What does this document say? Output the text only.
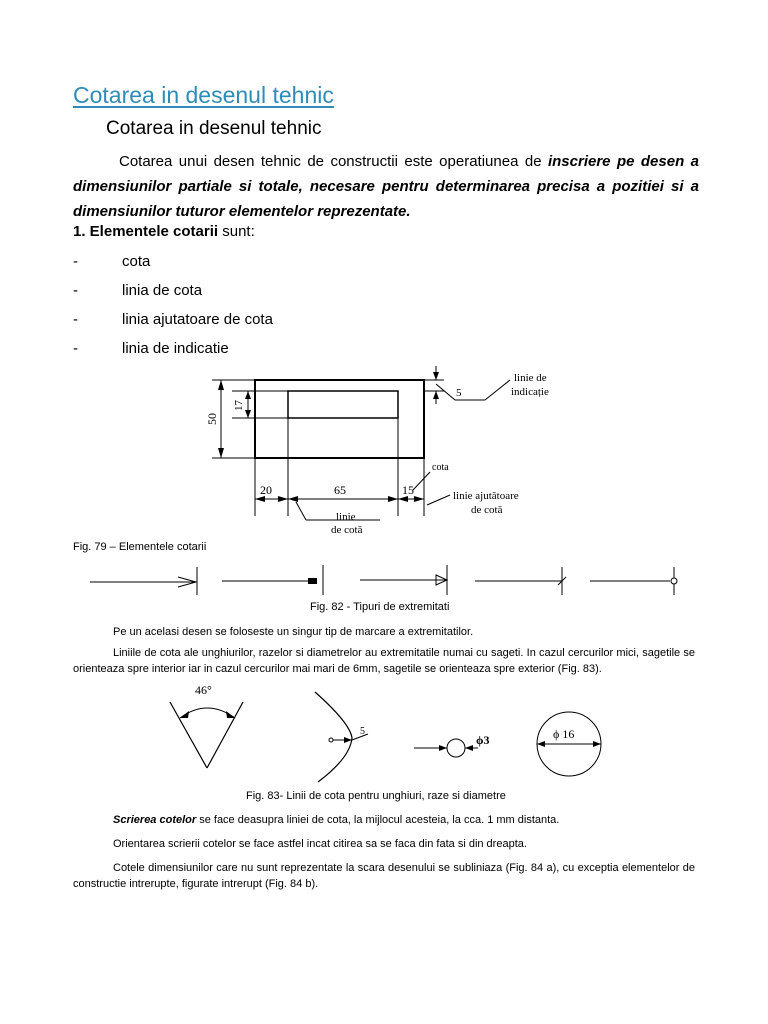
Cotarea in desenul tehnic
Cotarea in desenul tehnic
Cotarea unui desen tehnic de constructii este operatiunea de inscriere pe desen a dimensiunilor partiale si totale, necesare pentru determinarea precisa a pozitiei si a dimensiunilor tuturor elementelor reprezentate.
1. Elementele cotarii sunt:
-	cota
-	linia de cota
-	linia ajutatoare de cota
-	linia de indicatie
50
17
5
20	65	15
linie de
indicație
cota
linie ajutătoare
de cotă
linie
de cotă
Fig. 79 – Elementele cotarii
Fig. 82 - Tipuri de extremitati
Pe un acelasi desen se foloseste un singur tip de marcare a extremitatilor.
Liniile de cota ale unghiurilor, razelor si diametrelor au extremitatile numai cu sageti. In cazul cercurilor mici, sagetile se orienteaza spre interior iar in cazul cercurilor mai mari de 6mm, sagetile se orienteaza spre exterior (Fig. 83).
46°
5
ϕ3	ϕ 16
Fig. 83- Linii de cota pentru unghiuri, raze si diametre
Scrierea cotelor se face deasupra liniei de cota, la mijlocul acesteia, la cca. 1 mm distanta.
Orientarea scrierii cotelor se face astfel incat citirea sa se faca din fata si din dreapta.
Cotele dimensiunilor care nu sunt reprezentate la scara desenului se subliniaza (Fig. 84 a), cu exceptia elementelor de constructie intrerupte, figurate intrerupt (Fig. 84 b).
